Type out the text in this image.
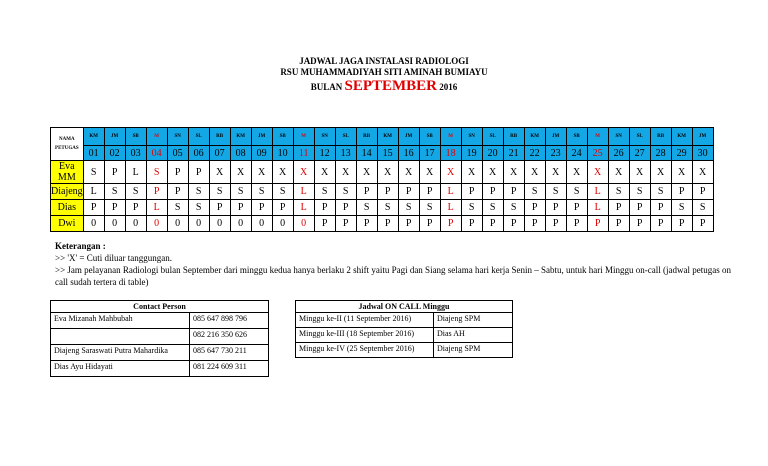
JADWAL JAGA INSTALASI RADIOLOGI
RSU MUHAMMADIYAH SITI AMINAH BUMIAYU
BULAN SEPTEMBER 2016
NAMA
PETUGAS	KM	JM	SB	M	SN	SL	RB	KM	JM	SB	M	SN	SL	RB	KM	JM	SB	M	SN	SL	RB	KM	JM	SB	M	SN	SL	RB	KM	JM
	01	02	03	04	05	06	07	08	09	10	11	12	13	14	15	16	17	18	19	20	21	22	23	24	25	26	27	28	29	30
Eva MM	S	P	L	S	P	P	X	X	X	X	X	X	X	X	X	X	X	X	X	X	X	X	X	X	X	X	X	X	X	X
Diajeng	L	S	S	P	P	S	S	S	S	S	L	S	S	P	P	P	P	L	P	P	P	S	S	S	L	S	S	S	P	P
Dias	P	P	P	L	S	S	P	P	P	P	L	P	P	S	S	S	S	L	S	S	S	P	P	P	L	P	P	P	S	S
Dwi	0	0	0	0	0	0	0	0	0	0	0	P	P	P	P	P	P	P	P	P	P	P	P	P	P	P	P	P	P	P
Keterangan :
>> 'X' = Cuti diluar tanggungan.
>> Jam pelayanan Radiologi bulan September dari minggu kedua hanya berlaku 2 shift yaitu Pagi dan Siang selama hari kerja Senin – Sabtu, untuk hari Minggu on-call (jadwal petugas on call sudah tertera di table)
Contact Person	
Eva Mizanah Mahbubah	085 647 898 796
	082 216 350 626
Diajeng Saraswati Putra Mahardika	085 647 730 211
Dias Ayu Hidayati	081 224 609 311
Jadwal ON CALL Minggu	
Minggu ke-II (11 September 2016)	Diajeng SPM
Minggu ke-III (18 September 2016)	Dias AH
Minggu ke-IV (25 September 2016)	Diajeng SPM
